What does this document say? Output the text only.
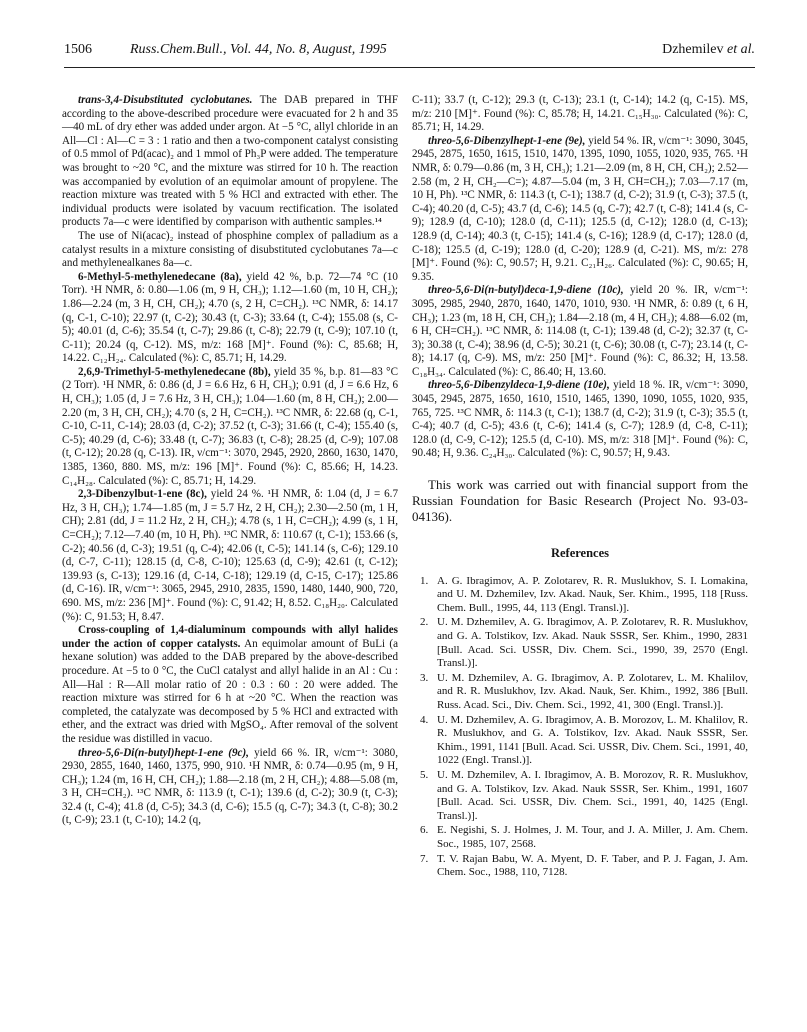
1506	Russ.Chem.Bull., Vol. 44, No. 8, August, 1995	Dzhemilev et al.

trans-3,4-Disubstituted cyclobutanes. The DAB prepared in THF according to the above-described procedure were evacuated for 2 h and 35—40 mL of dry ether was added under argon. At −5 °C, allyl chloride in an All—Cl : Al—C = 3 : 1 ratio and then a two-component catalyst consisting of 0.5 mmol of Pd(acac)₂ and 1 mmol of Ph₃P were added. The temperature was brought to ~20 °C, and the mixture was stirred for 10 h. The reaction was accompanied by evolution of an equimolar amount of propylene. The reaction mixture was treated with 5 % HCl and extracted with ether. The individual products were isolated by vacuum rectification. The isolated products 7a—c were identified by comparison with authentic samples.¹⁴

The use of Ni(acac)₂ instead of phosphine complex of palladium as a catalyst results in a mixture consisting of disubstituted cyclobutanes 7a—c and methylenealkanes 8a—c.

6-Methyl-5-methylenedecane (8a), yield 42 %, b.p. 72—74 °C (10 Torr). ¹H NMR, δ: 0.80—1.06 (m, 9 H, CH₃); 1.12—1.60 (m, 10 H, CH₂); 1.86—2.24 (m, 3 H, CH, CH₂); 4.70 (s, 2 H, C=CH₂). ¹³C NMR, δ: 14.17 (q, C-1, C-10); 22.97 (t, C-2); 30.43 (t, C-3); 33.64 (t, C-4); 155.08 (s, C-5); 40.01 (d, C-6); 35.54 (t, C-7); 29.86 (t, C-8); 22.79 (t, C-9); 107.10 (t, C-11); 20.24 (q, C-12). MS, m/z: 168 [M]⁺. Found (%): C, 85.68; H, 14.22. C₁₂H₂₄. Calculated (%): C, 85.71; H, 14.29.

2,6,9-Trimethyl-5-methylenedecane (8b), yield 35 %, b.p. 81—83 °C (2 Torr). ¹H NMR, δ: 0.86 (d, J = 6.6 Hz, 6 H, CH₃); 0.91 (d, J = 6.6 Hz, 6 H, CH₃); 1.05 (d, J = 7.6 Hz, 3 H, CH₃); 1.04—1.60 (m, 8 H, CH₂); 2.00—2.20 (m, 3 H, CH, CH₂); 4.70 (s, 2 H, C=CH₂). ¹³C NMR, δ: 22.68 (q, C-1, C-10, C-11, C-14); 28.03 (d, C-2); 37.52 (t, C-3); 31.66 (t, C-4); 155.40 (s, C-5); 40.29 (d, C-6); 33.48 (t, C-7); 36.83 (t, C-8); 28.25 (d, C-9); 107.08 (t, C-12); 20.28 (q, C-13). IR, ν/cm⁻¹: 3070, 2945, 2920, 2860, 1630, 1470, 1385, 1360, 880. MS, m/z: 196 [M]⁺. Found (%): C, 85.66; H, 14.23. C₁₄H₂₈. Calculated (%): C, 85.71; H, 14.29.

2,3-Dibenzylbut-1-ene (8c), yield 24 %. ¹H NMR, δ: 1.04 (d, J = 6.7 Hz, 3 H, CH₃); 1.74—1.85 (m, J = 5.7 Hz, 2 H, CH₂); 2.30—2.50 (m, 1 H, CH); 2.81 (dd, J = 11.2 Hz, 2 H, CH₂); 4.78 (s, 1 H, C=CH₂); 4.99 (s, 1 H, C=CH₂); 7.12—7.40 (m, 10 H, Ph). ¹³C NMR, δ: 110.67 (t, C-1); 153.66 (s, C-2); 40.56 (d, C-3); 19.51 (q, C-4); 42.06 (t, C-5); 141.14 (s, C-6); 129.10 (d, C-7, C-11); 128.15 (d, C-8, C-10); 125.63 (d, C-9); 42.61 (t, C-12); 139.93 (s, C-13); 129.16 (d, C-14, C-18); 129.19 (d, C-15, C-17); 125.86 (d, C-16). IR, ν/cm⁻¹: 3065, 2945, 2910, 2835, 1590, 1480, 1440, 900, 720, 690. MS, m/z: 236 [M]⁺. Found (%): C, 91.42; H, 8.52. C₁₈H₂₀. Calculated (%): C, 91.53; H, 8.47.

Cross-coupling of 1,4-dialuminum compounds with allyl halides under the action of copper catalysts. An equimolar amount of BuLi (a hexane solution) was added to the DAB prepared by the above-described procedure. At −5 to 0 °C, the CuCl catalyst and allyl halide in an Al : Cu : All—Hal : R—All molar ratio of 20 : 0.3 : 60 : 20 were added. The reaction mixture was stirred for 6 h at ~20 °C. When the reaction was completed, the catalyzate was decomposed by 5 % HCl and extracted with ether, and the extract was dried with MgSO₄. After removal of the solvent the residue was distilled in vacuo.

threo-5,6-Di(n-butyl)hept-1-ene (9c), yield 66 %. IR, ν/cm⁻¹: 3080, 2930, 2855, 1640, 1460, 1375, 990, 910. ¹H NMR, δ: 0.74—0.95 (m, 9 H, CH₃); 1.24 (m, 16 H, CH, CH₂); 1.88—2.18 (m, 2 H, CH₂); 4.88—5.08 (m, 3 H, CH=CH₂). ¹³C NMR, δ: 113.9 (t, C-1); 139.6 (d, C-2); 30.9 (t, C-3); 32.4 (t, C-4); 41.8 (d, C-5); 34.3 (d, C-6); 15.5 (q, C-7); 34.3 (t, C-8); 30.2 (t, C-9); 23.1 (t, C-10); 14.2 (q,

C-11); 33.7 (t, C-12); 29.3 (t, C-13); 23.1 (t, C-14); 14.2 (q, C-15). MS, m/z: 210 [M]⁺. Found (%): C, 85.78; H, 14.21. C₁₅H₃₀. Calculated (%): C, 85.71; H, 14.29.

threo-5,6-Dibenzylhept-1-ene (9e), yield 54 %. IR, ν/cm⁻¹: 3090, 3045, 2945, 2875, 1650, 1615, 1510, 1470, 1395, 1090, 1055, 1020, 935, 765. ¹H NMR, δ: 0.79—0.86 (m, 3 H, CH₃); 1.21—2.09 (m, 8 H, CH, CH₂); 2.52—2.58 (m, 2 H, CH₂—C=); 4.87—5.04 (m, 3 H, CH=CH₂); 7.03—7.17 (m, 10 H, Ph). ¹³C NMR, δ: 114.3 (t, C-1); 138.7 (d, C-2); 31.9 (t, C-3); 37.5 (t, C-4); 40.20 (d, C-5); 43.7 (d, C-6); 14.5 (q, C-7); 42.7 (t, C-8); 141.4 (s, C-9); 128.9 (d, C-10); 128.0 (d, C-11); 125.5 (d, C-12); 128.0 (d, C-13); 128.9 (d, C-14); 40.3 (t, C-15); 141.4 (s, C-16); 128.9 (d, C-17); 128.0 (d, C-18); 125.5 (d, C-19); 128.0 (d, C-20); 128.9 (d, C-21). MS, m/z: 278 [M]⁺. Found (%): C, 90.57; H, 9.21. C₂₁H₂₆. Calculated (%): C, 90.65; H, 9.35.

threo-5,6-Di(n-butyl)deca-1,9-diene (10c), yield 20 %. IR, ν/cm⁻¹: 3095, 2985, 2940, 2870, 1640, 1470, 1010, 930. ¹H NMR, δ: 0.89 (t, 6 H, CH₃); 1.23 (m, 18 H, CH, CH₂); 1.84—2.18 (m, 4 H, CH₂); 4.88—6.02 (m, 6 H, CH=CH₂). ¹³C NMR, δ: 114.08 (t, C-1); 139.48 (d, C-2); 32.37 (t, C-3); 30.38 (t, C-4); 38.96 (d, C-5); 30.21 (t, C-6); 30.08 (t, C-7); 23.14 (t, C-8); 14.17 (q, C-9). MS, m/z: 250 [M]⁺. Found (%): C, 86.32; H, 13.58. C₁₈H₃₄. Calculated (%): C, 86.40; H, 13.60.

threo-5,6-Dibenzyldeca-1,9-diene (10e), yield 18 %. IR, ν/cm⁻¹: 3090, 3045, 2945, 2875, 1650, 1610, 1510, 1465, 1390, 1090, 1055, 1020, 935, 765, 725. ¹³C NMR, δ: 114.3 (t, C-1); 138.7 (d, C-2); 31.9 (t, C-3); 35.5 (t, C-4); 40.7 (d, C-5); 43.6 (t, C-6); 141.4 (s, C-7); 128.9 (d, C-8, C-11); 128.0 (d, C-9, C-12); 125.5 (d, C-10). MS, m/z: 318 [M]⁺. Found (%): C, 90.48; H, 9.36. C₂₄H₃₀. Calculated (%): C, 90.57; H, 9.43.

This work was carried out with financial support from the Russian Foundation for Basic Research (Project No. 93-03-04136).

References
1. A. G. Ibragimov, A. P. Zolotarev, R. R. Muslukhov, S. I. Lomakina, and U. M. Dzhemilev, Izv. Akad. Nauk, Ser. Khim., 1995, 118 [Russ. Chem. Bull., 1995, 44, 113 (Engl. Transl.)].
2. U. M. Dzhemilev, A. G. Ibragimov, A. P. Zolotarev, R. R. Muslukhov, and G. A. Tolstikov, Izv. Akad. Nauk SSSR, Ser. Khim., 1990, 2831 [Bull. Acad. Sci. USSR, Div. Chem. Sci., 1990, 39, 2570 (Engl. Transl.)].
3. U. M. Dzhemilev, A. G. Ibragimov, A. P. Zolotarev, L. M. Khalilov, and R. R. Muslukhov, Izv. Akad. Nauk, Ser. Khim., 1992, 386 [Bull. Russ. Acad. Sci., Div. Chem. Sci., 1992, 41, 300 (Engl. Transl.)].
4. U. M. Dzhemilev, A. G. Ibragimov, A. B. Morozov, L. M. Khalilov, R. R. Muslukhov, and G. A. Tolstikov, Izv. Akad. Nauk SSSR, Ser. Khim., 1991, 1141 [Bull. Acad. Sci. USSR, Div. Chem. Sci., 1991, 40, 1022 (Engl. Transl.)].
5. U. M. Dzhemilev, A. I. Ibragimov, A. B. Morozov, R. R. Muslukhov, and G. A. Tolstikov, Izv. Akad. Nauk SSSR, Ser. Khim., 1991, 1607 [Bull. Acad. Sci. USSR, Div. Chem. Sci., 1991, 40, 1425 (Engl. Transl.)].
6. E. Negishi, S. J. Holmes, J. M. Tour, and J. A. Miller, J. Am. Chem. Soc., 1985, 107, 2568.
7. T. V. Rajan Babu, W. A. Myent, D. F. Taber, and P. J. Fagan, J. Am. Chem. Soc., 1988, 110, 7128.
